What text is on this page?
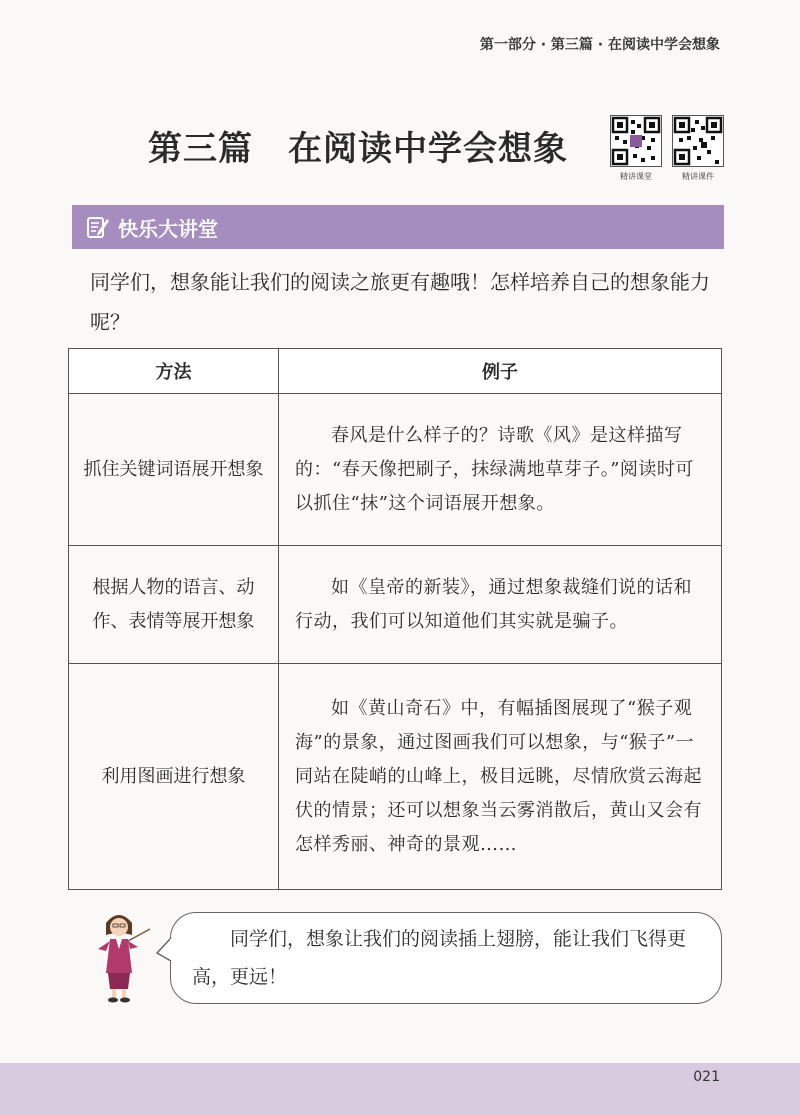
第一部分 · 第三篇 · 在阅读中学会想象
第三篇　在阅读中学会想象
精讲课堂	精讲课件
快乐大讲堂
同学们，想象能让我们的阅读之旅更有趣哦！怎样培养自己的想象能力呢？
方法	例子
抓住关键词语展开想象	春风是什么样子的？诗歌《风》是这样描写的：“春天像把刷子，抹绿满地草芽子。”阅读时可以抓住“抹”这个词语展开想象。
根据人物的语言、动作、表情等展开想象	如《皇帝的新装》，通过想象裁缝们说的话和行动，我们可以知道他们其实就是骗子。
利用图画进行想象	如《黄山奇石》中，有幅插图展现了“猴子观海”的景象，通过图画我们可以想象，与“猴子”一同站在陡峭的山峰上，极目远眺，尽情欣赏云海起伏的情景；还可以想象当云雾消散后，黄山又会有怎样秀丽、神奇的景观……
同学们，想象让我们的阅读插上翅膀，能让我们飞得更高，更远！
021
